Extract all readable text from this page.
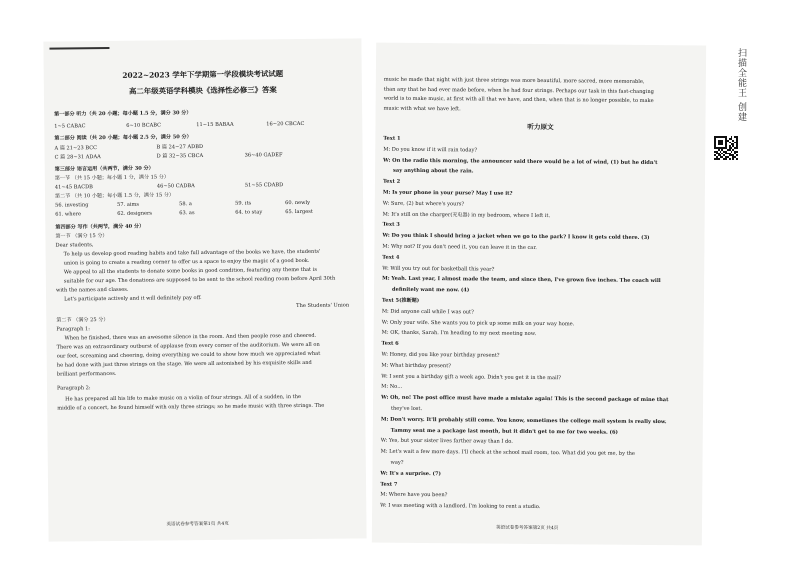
2022~2023 学年下学期第一学段模块考试试题
高二年级英语学科模块《选择性必修三》答案
第一部分 听力（共 20 小题；每小题 1.5 分，满分 30 分）
1~5 CABAC	6~10 BCABC	11~15 BABAA	16~20 CBCAC
第二部分 阅读（共 20 小题；每小题 2.5 分，满分 50 分）
A 篇 21~23 BCC	B 篇 24~27 ADBD
C 篇 28~31 ADAA	D 篇 32~35 CBCA	36~40 GADEF
第三部分 语言运用（共两节，满分 30 分）
第一节 （共 15 小题；每小题 1 分，满分 15 分）
41~45 BACDB	46~50 CADBA	51~55 CDABD
第二节 （共 10 小题；每小题 1.5 分，满分 15 分）
56. investing	57. aims	58. a	59. its	60. newly
61. where	62. designers	63. as	64. to stay	65. largest
第四部分 写作（共两节，满分 40 分）
第一节 （满分 15 分）
Dear students,
To help us develop good reading habits and take full advantage of the books we have, the students'
union is going to create a reading corner to offer us a space to enjoy the magic of a good book.
We appeal to all the students to donate some books in good condition, featuring any theme that is
suitable for our age. The donations are supposed to be sent to the school reading room before April 30th
with the names and classes.
Let's participate actively and it will definitely pay off.
The Students' Union
第二节 （满分 25 分）
Paragraph 1:
When he finished, there was an awesome silence in the room. And then people rose and cheered.
There was an extraordinary outburst of applause from every corner of the auditorium. We were all on
our feet, screaming and cheering, doing everything we could to show how much we appreciated what
he had done with just three strings on the stage. We were all astonished by his exquisite skills and
brilliant performances.
Paragraph 2:
He has prepared all his life to make music on a violin of four strings. All of a sudden, in the
middle of a concert, he found himself with only three strings; so he made music with three strings. The
英语试卷参考答案第1页 共4页
music he made that night with just three strings was more beautiful, more sacred, more memorable,
than any that he had ever made before, when he had four strings. Perhaps our task in this fast-changing
world is to make music, at first with all that we have, and then, when that is no longer possible, to make
music with what we have left.
听力原文
Text 1
M: Do you know if it will rain today?
W: On the radio this morning, the announcer said there would be a lot of wind, (1) but he didn't
say anything about the rain.
Text 2
M: Is your phone in your purse? May I use it?
W: Sure, (2) but where's yours?
M: It's still on the charger(充电器) in my bedroom, where I left it.
Text 3
W: Do you think I should bring a jacket when we go to the park? I know it gets cold there. (3)
M: Why not? If you don't need it, you can leave it in the car.
Text 4
W: Will you try out for basketball this year?
M: Yeah. Last year, I almost made the team, and since then, I've grown five inches. The coach will
definitely want me now. (4)
Text 5(推断题)
M: Did anyone call while I was out?
W: Only your wife. She wants you to pick up some milk on your way home.
M: OK, thanks, Sarah. I'm heading to my next meeting now.
Text 6
W: Honey, did you like your birthday present?
M: What birthday present?
W: I sent you a birthday gift a week ago. Didn't you get it in the mail?
M: No…
W: Oh, no! The post office must have made a mistake again! This is the second package of mine that
they've lost.
M: Don't worry. It'll probably still come. You know, sometimes the college mail system is really slow.
Tammy sent me a package last month, but it didn't get to me for two weeks. (6)
W: Yes, but your sister lives farther away than I do.
M: Let's wait a few more days. I'll check at the school mail room, too. What did you get me, by the
way?
W: It's a surprise. (7)
Text 7
M: Where have you been?
W: I was meeting with a landlord. I'm looking to rent a studio.
英语试卷参考答案第2页 共4页
扫描全能王 创建
